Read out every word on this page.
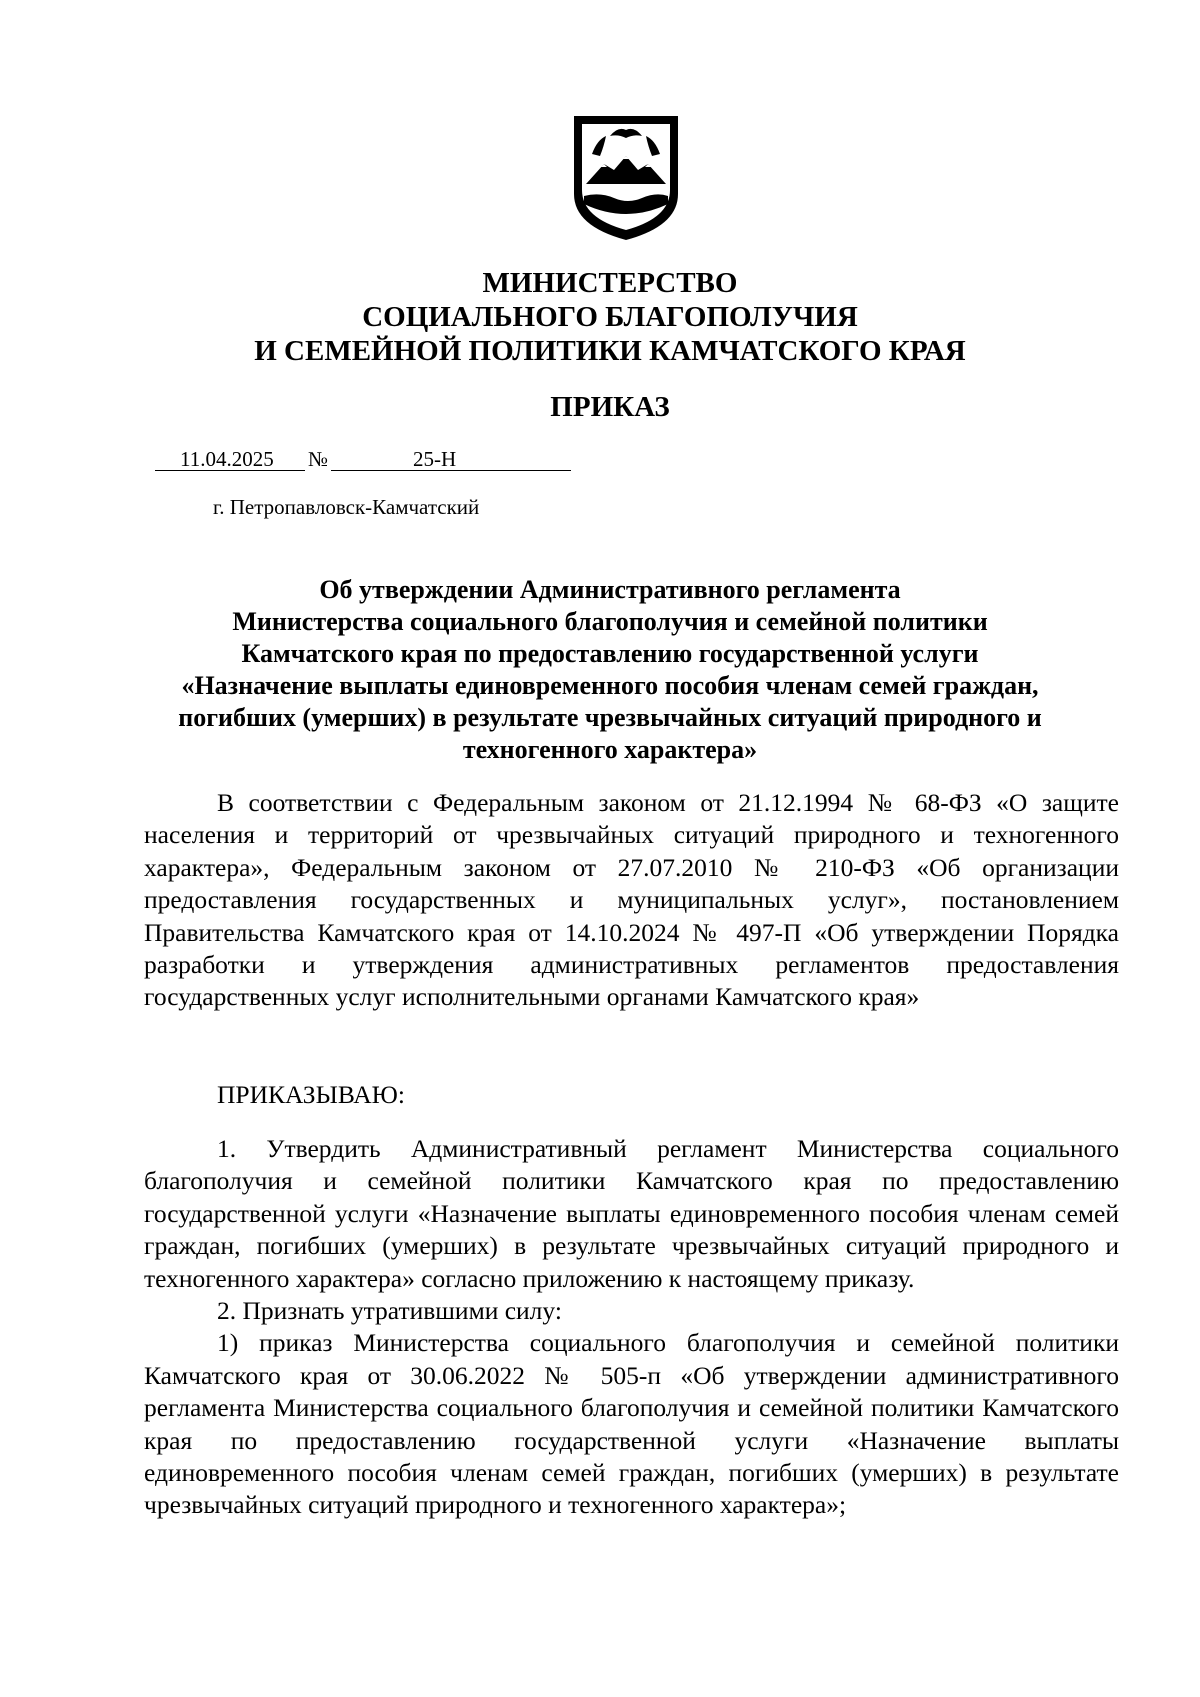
МИНИСТЕРСТВО
СОЦИАЛЬНОГО БЛАГОПОЛУЧИЯ
И СЕМЕЙНОЙ ПОЛИТИКИ КАМЧАТСКОГО КРАЯ
ПРИКАЗ
11.04.2025 №	25-Н
г. Петропавловск-Камчатский
Об утверждении Административного регламента
Министерства социального благополучия и семейной политики
Камчатского края по предоставлению государственной услуги
«Назначение выплаты единовременного пособия членам семей граждан,
погибших (умерших) в результате чрезвычайных ситуаций природного и
техногенного характера»

В соответствии с Федеральным законом от 21.12.1994 № 68-ФЗ «О защите населения и территорий от чрезвычайных ситуаций природного и техногенного характера», Федеральным законом от 27.07.2010 № 210-ФЗ «Об организации предоставления государственных и муниципальных услуг», постановлением Правительства Камчатского края от 14.10.2024 № 497-П «Об утверждении Порядка разработки и утверждения административных регламентов предоставления государственных услуг исполнительными органами Камчатского края»

ПРИКАЗЫВАЮ:

1. Утвердить Административный регламент Министерства социального благополучия и семейной политики Камчатского края по предоставлению государственной услуги «Назначение выплаты единовременного пособия членам семей граждан, погибших (умерших) в результате чрезвычайных ситуаций природного и техногенного характера» согласно приложению к настоящему приказу.

2. Признать утратившими силу:

1) приказ Министерства социального благополучия и семейной политики Камчатского края от 30.06.2022 № 505-п «Об утверждении административного регламента Министерства социального благополучия и семейной политики Камчатского края по предоставлению государственной услуги «Назначение выплаты единовременного пособия членам семей граждан, погибших (умерших) в результате чрезвычайных ситуаций природного и техногенного характера»;
